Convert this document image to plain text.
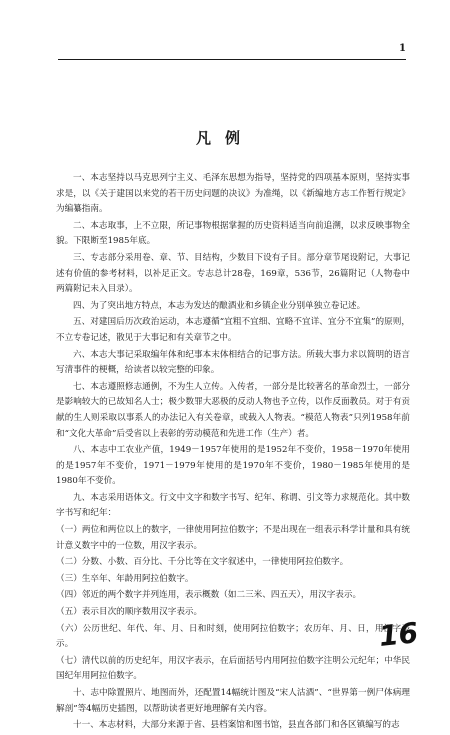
1
凡例

一、本志坚持以马克思列宁主义、毛泽东思想为指导，坚持党的四项基本原则，坚持实事求是，以《关于建国以来党的若干历史问题的决议》为准绳，以《新编地方志工作暂行规定》为编纂指南。

二、本志取事，上不立限，所记事物根据掌握的历史资料适当向前追溯，以求反映事物全貌。下限断至1985年底。

三、专志部分采用卷、章、节、目结构，少数目下设有子目。部分章节尾设附记，大事记述有价值的参考材料，以补足正文。专志总计28卷，169章，536节，26篇附记（人物卷中两篇附记未入目录）。

四、为了突出地方特点，本志为发达的酿酒业和乡镇企业分别单独立卷记述。

五、对建国后历次政治运动，本志遵循“宜粗不宜细、宜略不宜详、宜分不宜集”的原则，不立专卷记述，散见于大事记和有关章节之中。

六、本志大事记采取编年体和纪事本末体相结合的记事方法。所载大事力求以简明的语言写清事件的梗概，给读者以较完整的印象。

七、本志遵照修志通例，不为生人立传。入传者，一部分是比较著名的革命烈士，一部分是影响较大的已故知名人士；极少数罪大恶极的反动人物也予立传，以作反面教员。对于有贡献的生人则采取以事系人的办法记入有关卷章，或载入人物表。“模范人物表”只列1958年前和“文化大革命”后受省以上表彰的劳动模范和先进工作（生产）者。

八、本志中工农业产值，1949－1957年使用的是1952年不变价，1958－1970年使用的是1957年不变价，1971－1979年使用的是1970年不变价，1980－1985年使用的是1980年不变价。

九、本志采用语体文。行文中文字和数字书写、纪年、称谓、引文等力求规范化。其中数字书写和纪年：

（一）两位和两位以上的数字，一律使用阿拉伯数字；不是出现在一组表示科学计量和具有统计意义数字中的一位数，用汉字表示。

（二）分数、小数、百分比、千分比等在文字叙述中，一律使用阿拉伯数字。

（三）生卒年、年龄用阿拉伯数字。

（四）邻近的两个数字并列连用，表示概数（如二三米、四五天），用汉字表示。

（五）表示目次的顺序数用汉字表示。

（六）公历世纪、年代、年、月、日和时刻，使用阿拉伯数字；农历年、月、日，用汉字表示。

（七）清代以前的历史纪年，用汉字表示，在后面括号内用阿拉伯数字注明公元纪年；中华民国纪年用阿拉伯数字。

十、志中除置照片、地图而外，还配置14幅统计图及“宋人沽酒”、“世界第一例尸体病理解剖”等4幅历史插图，以帮助读者更好地理解有关内容。

十一、本志材料，大部分来源于省、县档案馆和图书馆，县直各部门和各区镇编写的志

16
